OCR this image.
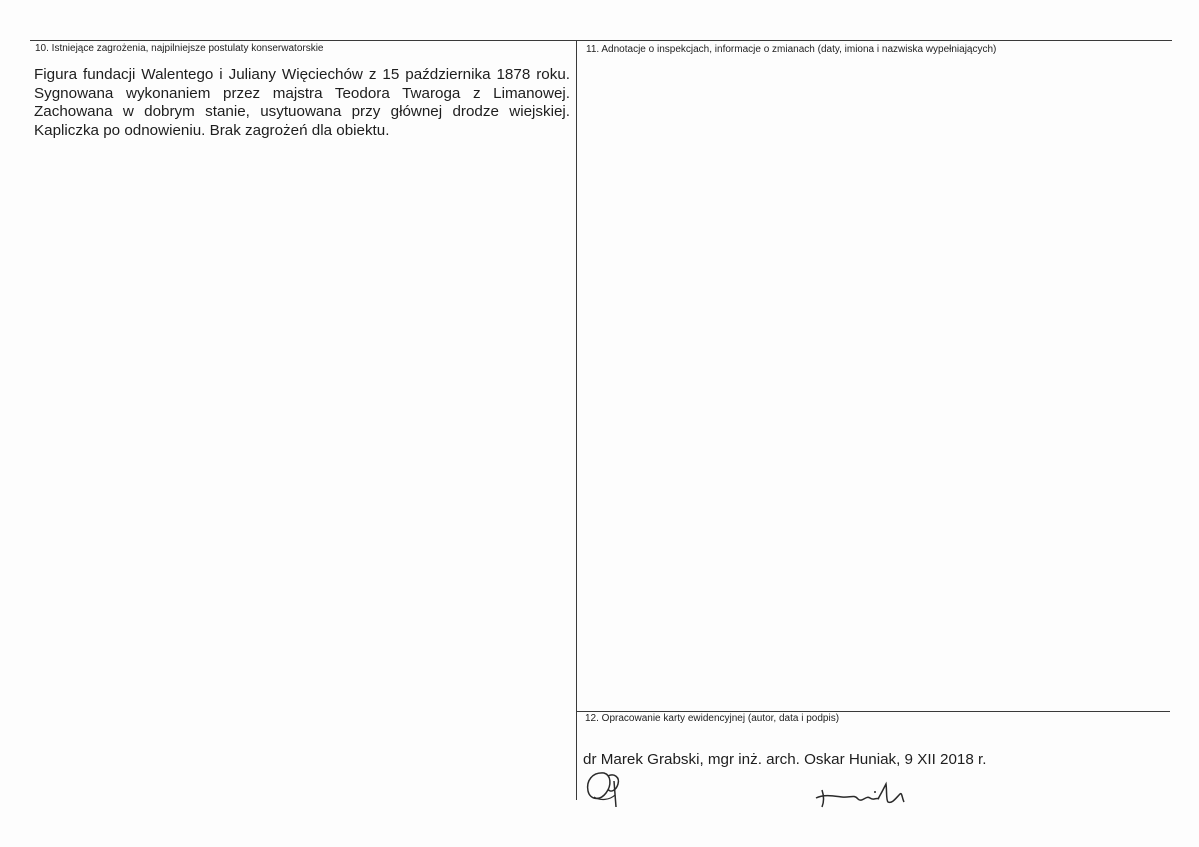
10. Istniejące zagrożenia, najpilniejsze postulaty konserwatorskie
Figura fundacji Walentego i Juliany Więciechów z 15 października 1878 roku.
Sygnowana wykonaniem przez majstra Teodora Twaroga z Limanowej.
Zachowana w dobrym stanie, usytuowana przy głównej drodze wiejskiej.
Kapliczka po odnowieniu. Brak zagrożeń dla obiektu.
11. Adnotacje o inspekcjach, informacje o zmianach (daty, imiona i nazwiska wypełniających)
12. Opracowanie karty ewidencyjnej (autor, data i podpis)
dr Marek Grabski, mgr inż. arch. Oskar Huniak, 9 XII 2018 r.
